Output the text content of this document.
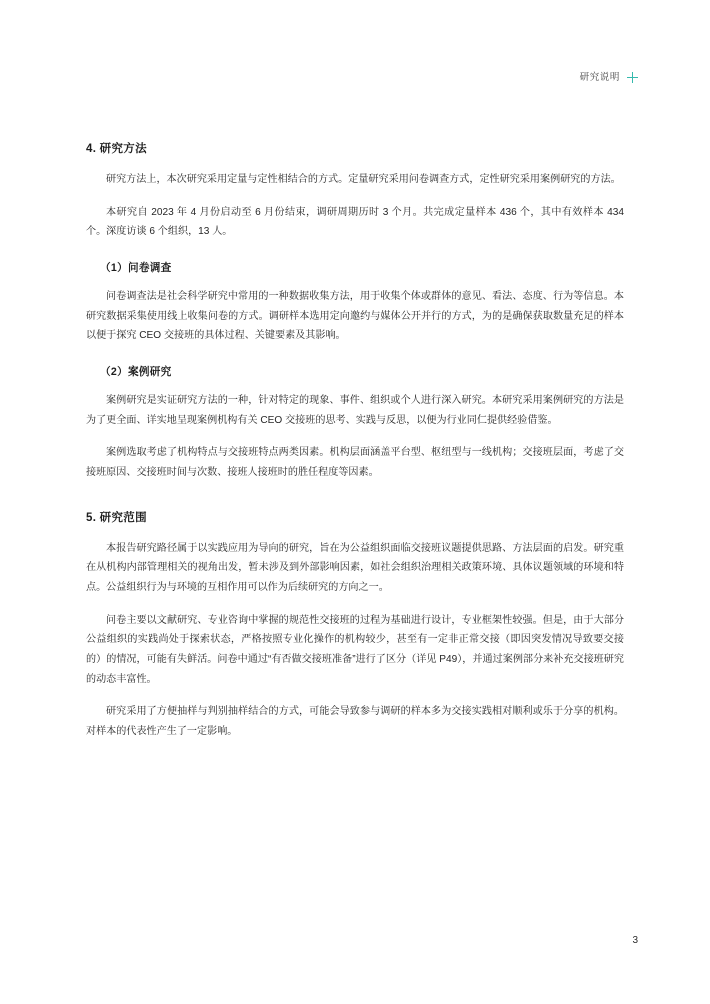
研究说明
4. 研究方法

研究方法上，本次研究采用定量与定性相结合的方式。定量研究采用问卷调查方式，定性研究采用案例研究的方法。

本研究自 2023 年 4 月份启动至 6 月份结束，调研周期历时 3 个月。共完成定量样本 436 个，其中有效样本 434 个。深度访谈 6 个组织，13 人。

（1）问卷调查

问卷调查法是社会科学研究中常用的一种数据收集方法，用于收集个体或群体的意见、看法、态度、行为等信息。本研究数据采集使用线上收集问卷的方式。调研样本选用定向邀约与媒体公开并行的方式，为的是确保获取数量充足的样本以便于探究 CEO 交接班的具体过程、关键要素及其影响。

（2）案例研究

案例研究是实证研究方法的一种，针对特定的现象、事件、组织或个人进行深入研究。本研究采用案例研究的方法是为了更全面、详实地呈现案例机构有关 CEO 交接班的思考、实践与反思，以便为行业同仁提供经验借鉴。

案例选取考虑了机构特点与交接班特点两类因素。机构层面涵盖平台型、枢纽型与一线机构；交接班层面，考虑了交接班原因、交接班时间与次数、接班人接班时的胜任程度等因素。

5. 研究范围

本报告研究路径属于以实践应用为导向的研究，旨在为公益组织面临交接班议题提供思路、方法层面的启发。研究重在从机构内部管理相关的视角出发，暂未涉及到外部影响因素，如社会组织治理相关政策环境、具体议题领域的环境和特点。公益组织行为与环境的互相作用可以作为后续研究的方向之一。

问卷主要以文献研究、专业咨询中掌握的规范性交接班的过程为基础进行设计，专业框架性较强。但是，由于大部分公益组织的实践尚处于探索状态，严格按照专业化操作的机构较少，甚至有一定非正常交接（即因突发情况导致要交接的）的情况，可能有失鲜活。问卷中通过“有否做交接班准备”进行了区分（详见 P49），并通过案例部分来补充交接班研究的动态丰富性。

研究采用了方便抽样与判别抽样结合的方式，可能会导致参与调研的样本多为交接实践相对顺利或乐于分享的机构。对样本的代表性产生了一定影响。

3
